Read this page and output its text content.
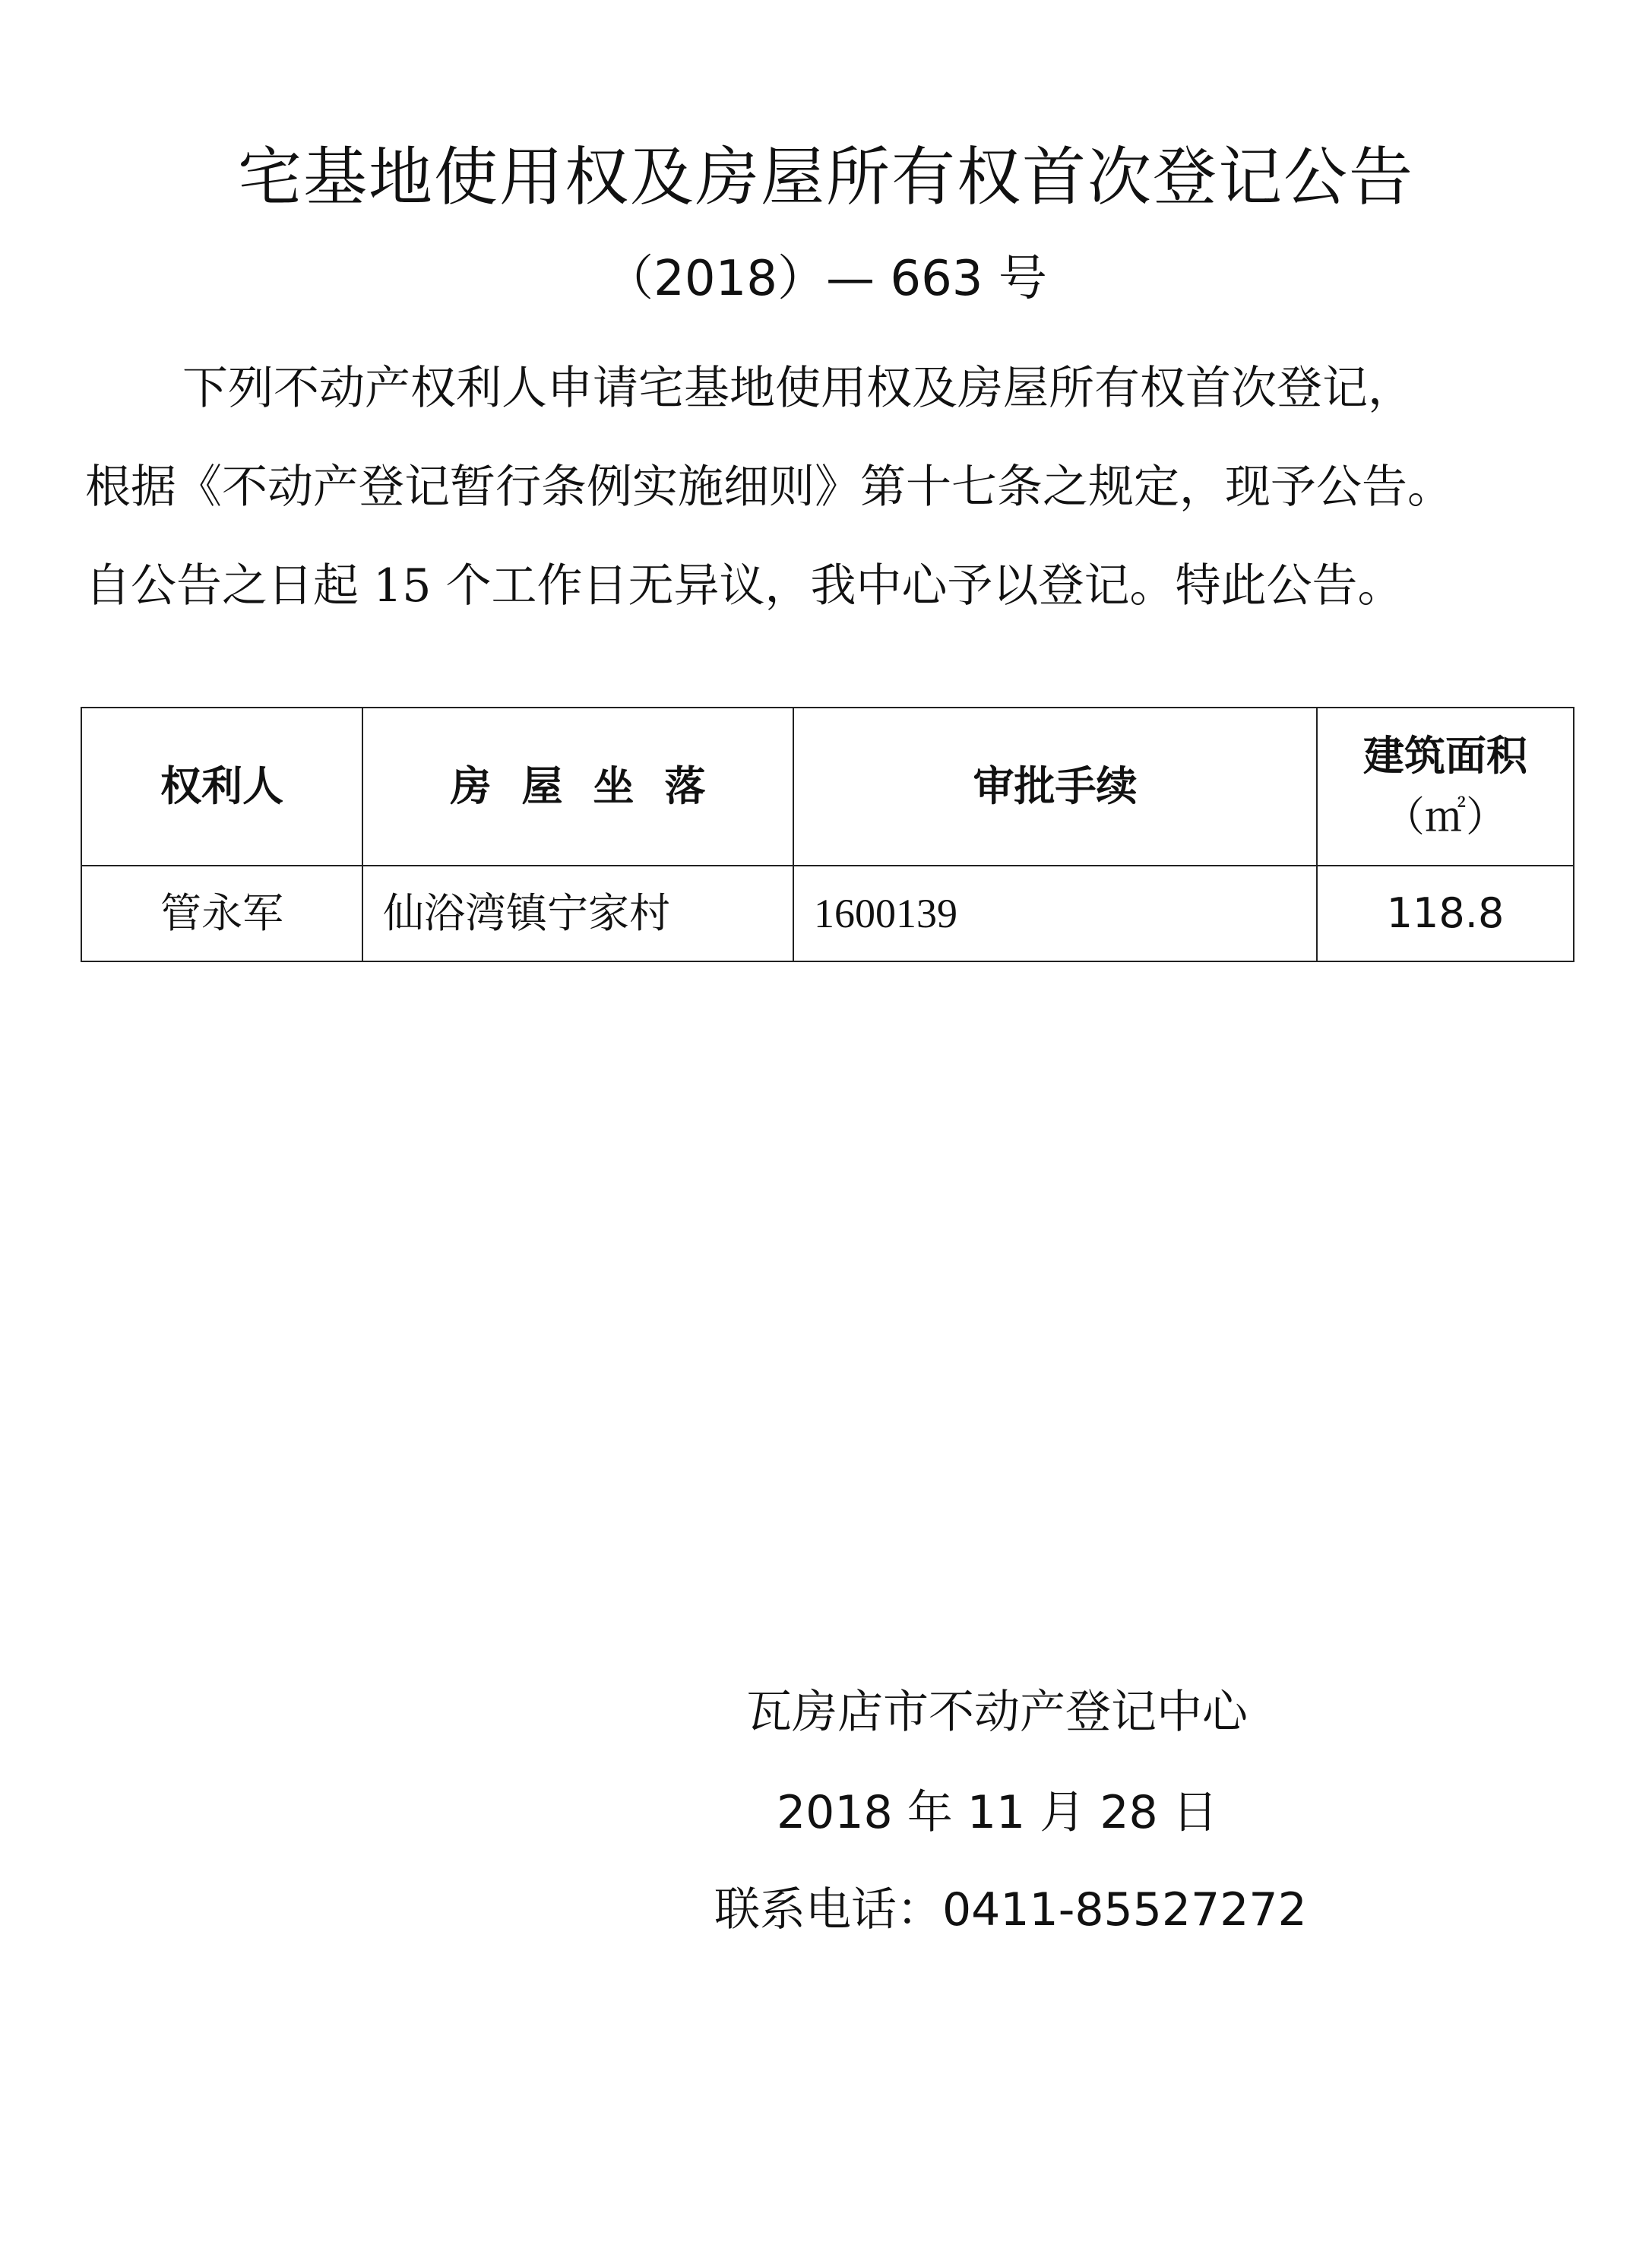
宅基地使用权及房屋所有权首次登记公告
（2018）— 663 号
下列不动产权利人申请宅基地使用权及房屋所有权首次登记，
根据《不动产登记暂行条例实施细则》第十七条之规定，现予公告。
自公告之日起 15 个工作日无异议，我中心予以登记。特此公告。
权利人	房屋坐落	审批手续	建筑面积
（㎡）

管永军	仙浴湾镇宁家村	1600139	118.8
瓦房店市不动产登记中心
2018 年 11 月 28 日
联系电话：0411-85527272
